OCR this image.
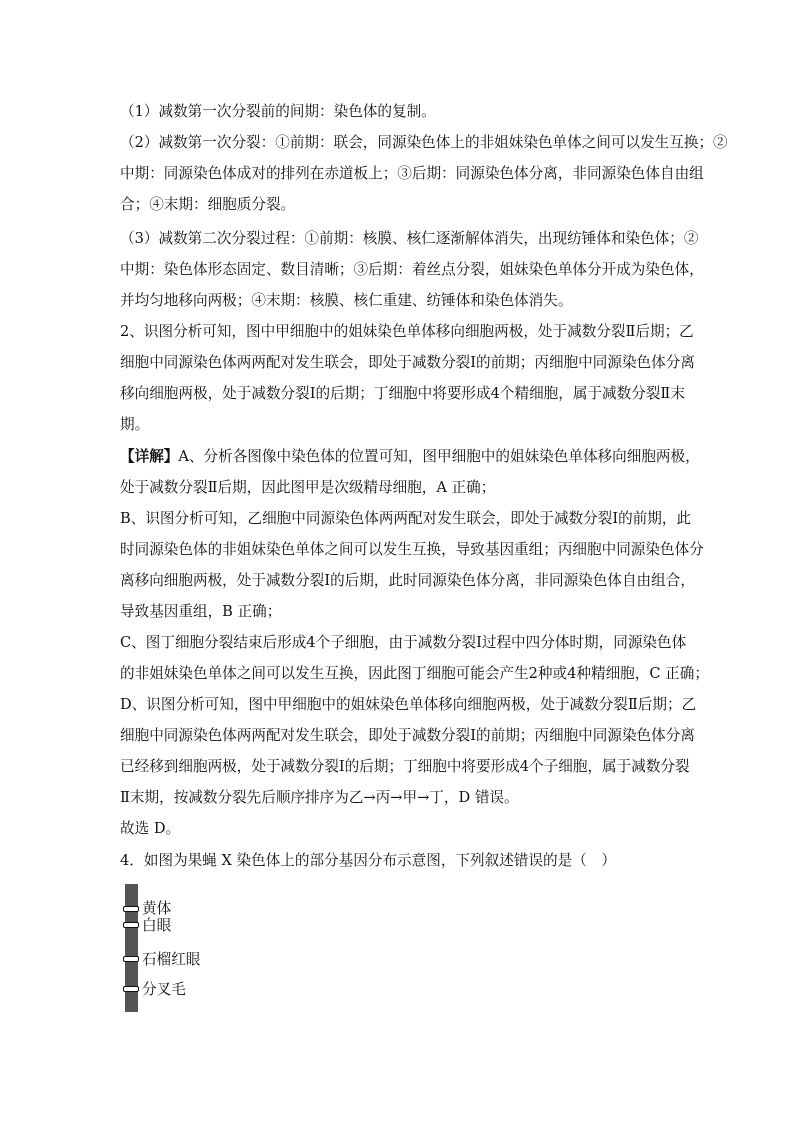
（1）减数第一次分裂前的间期：染色体的复制。
（2）减数第一次分裂：①前期：联会，同源染色体上的非姐妹染色单体之间可以发生互换；②
中期：同源染色体成对的排列在赤道板上；③后期：同源染色体分离，非同源染色体自由组
合；④末期：细胞质分裂。
（3）减数第二次分裂过程：①前期：核膜、核仁逐渐解体消失，出现纺锤体和染色体；②
中期：染色体形态固定、数目清晰；③后期：着丝点分裂，姐妹染色单体分开成为染色体，
并均匀地移向两极；④末期：核膜、核仁重建、纺锤体和染色体消失。
2、识图分析可知，图中甲细胞中的姐妹染色单体移向细胞两极，处于减数分裂Ⅱ后期；乙
细胞中同源染色体两两配对发生联会，即处于减数分裂Ⅰ的前期；丙细胞中同源染色体分离
移向细胞两极，处于减数分裂Ⅰ的后期；丁细胞中将要形成4个精细胞，属于减数分裂Ⅱ末
期。
【详解】A、分析各图像中染色体的位置可知，图甲细胞中的姐妹染色单体移向细胞两极，
处于减数分裂Ⅱ后期，因此图甲是次级精母细胞，A 正确；
B、识图分析可知，乙细胞中同源染色体两两配对发生联会，即处于减数分裂Ⅰ的前期，此
时同源染色体的非姐妹染色单体之间可以发生互换，导致基因重组；丙细胞中同源染色体分
离移向细胞两极，处于减数分裂Ⅰ的后期，此时同源染色体分离，非同源染色体自由组合，
导致基因重组，B 正确；
C、图丁细胞分裂结束后形成4个子细胞，由于减数分裂Ⅰ过程中四分体时期，同源染色体
的非姐妹染色单体之间可以发生互换，因此图丁细胞可能会产生2种或4种精细胞，C 正确；
D、识图分析可知，图中甲细胞中的姐妹染色单体移向细胞两极，处于减数分裂Ⅱ后期；乙
细胞中同源染色体两两配对发生联会，即处于减数分裂Ⅰ的前期；丙细胞中同源染色体分离
已经移到细胞两极，处于减数分裂Ⅰ的后期；丁细胞中将要形成4个子细胞，属于减数分裂
Ⅱ末期，按减数分裂先后顺序排序为乙→丙→甲→丁，D 错误。
故选 D。
4．如图为果蝇 X 染色体上的部分基因分布示意图，下列叙述错误的是（　）
黄体
白眼
石榴红眼
分叉毛
